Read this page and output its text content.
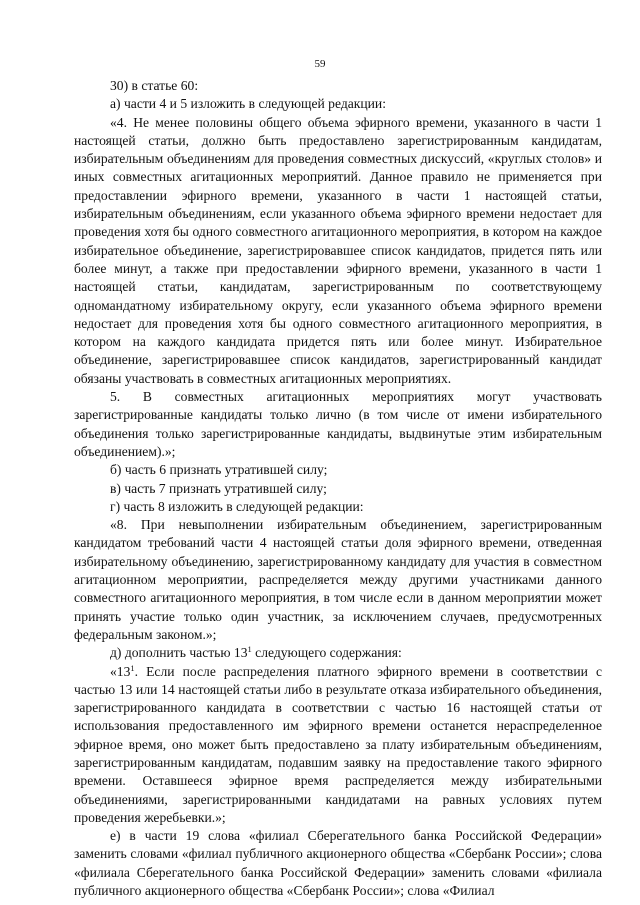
59

30) в статье 60:

а) части 4 и 5 изложить в следующей редакции:

«4. Не менее половины общего объема эфирного времени, указанного в части 1 настоящей статьи, должно быть предоставлено зарегистрированным кандидатам, избирательным объединениям для проведения совместных дискуссий, «круглых столов» и иных совместных агитационных мероприятий. Данное правило не применяется при предоставлении эфирного времени, указанного в части 1 настоящей статьи, избирательным объединениям, если указанного объема эфирного времени недостает для проведения хотя бы одного совместного агитационного мероприятия, в котором на каждое избирательное объединение, зарегистрировавшее список кандидатов, придется пять или более минут, а также при предоставлении эфирного времени, указанного в части 1 настоящей статьи, кандидатам, зарегистрированным по соответствующему одномандатному избирательному округу, если указанного объема эфирного времени недостает для проведения хотя бы одного совместного агитационного мероприятия, в котором на каждого кандидата придется пять или более минут. Избирательное объединение, зарегистрировавшее список кандидатов, зарегистрированный кандидат обязаны участвовать в совместных агитационных мероприятиях.

5. В совместных агитационных мероприятиях могут участвовать зарегистрированные кандидаты только лично (в том числе от имени избирательного объединения только зарегистрированные кандидаты, выдвинутые этим избирательным объединением).»;

б) часть 6 признать утратившей силу;

в) часть 7 признать утратившей силу;

г) часть 8 изложить в следующей редакции:

«8. При невыполнении избирательным объединением, зарегистрированным кандидатом требований части 4 настоящей статьи доля эфирного времени, отведенная избирательному объединению, зарегистрированному кандидату для участия в совместном агитационном мероприятии, распределяется между другими участниками данного совместного агитационного мероприятия, в том числе если в данном мероприятии может принять участие только один участник, за исключением случаев, предусмотренных федеральным законом.»;

д) дополнить частью $13^1$ следующего содержания:

«$13^1$. Если после распределения платного эфирного времени в соответствии с частью 13 или 14 настоящей статьи либо в результате отказа избирательного объединения, зарегистрированного кандидата в соответствии с частью 16 настоящей статьи от использования предоставленного им эфирного времени останется нераспределенное эфирное время, оно может быть предоставлено за плату избирательным объединениям, зарегистрированным кандидатам, подавшим заявку на предоставление такого эфирного времени. Оставшееся эфирное время распределяется между избирательными объединениями, зарегистрированными кандидатами на равных условиях путем проведения жеребьевки.»;

е) в части 19 слова «филиал Сберегательного банка Российской Федерации» заменить словами «филиал публичного акционерного общества «Сбербанк России»; слова «филиала Сберегательного банка Российской Федерации» заменить словами «филиала публичного акционерного общества «Сбербанк России»; слова «Филиал
